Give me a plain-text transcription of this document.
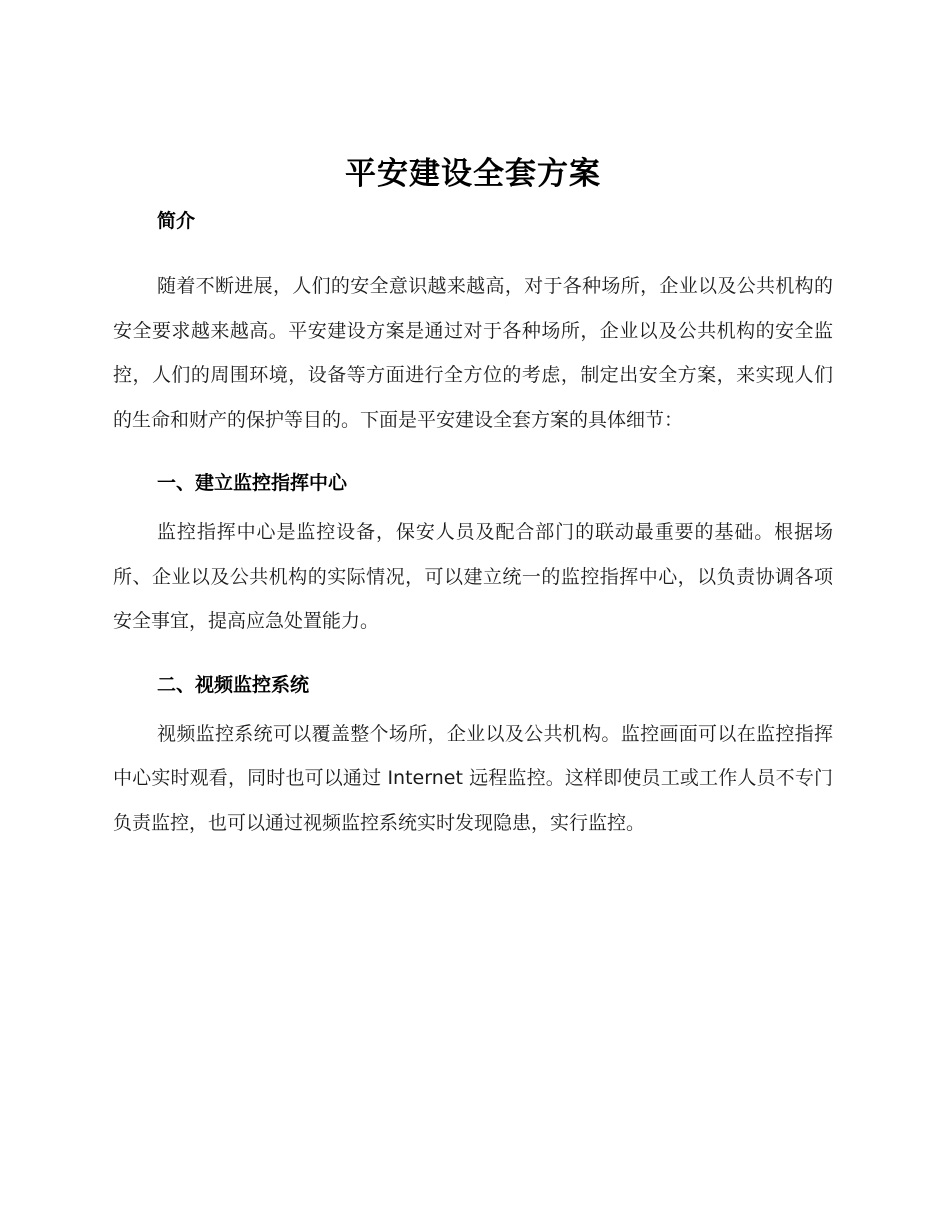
平安建设全套方案
简介

随着不断进展，人们的安全意识越来越高，对于各种场所，企业以及公共机构的安全要求越来越高。平安建设方案是通过对于各种场所，企业以及公共机构的安全监控，人们的周围环境，设备等方面进行全方位的考虑，制定出安全方案，来实现人们的生命和财产的保护等目的。下面是平安建设全套方案的具体细节：

一、建立监控指挥中心

监控指挥中心是监控设备，保安人员及配合部门的联动最重要的基础。根据场所、企业以及公共机构的实际情况，可以建立统一的监控指挥中心，以负责协调各项安全事宜，提高应急处置能力。

二、视频监控系统

视频监控系统可以覆盖整个场所，企业以及公共机构。监控画面可以在监控指挥中心实时观看，同时也可以通过 Internet 远程监控。这样即使员工或工作人员不专门负责监控，也可以通过视频监控系统实时发现隐患，实行监控。
